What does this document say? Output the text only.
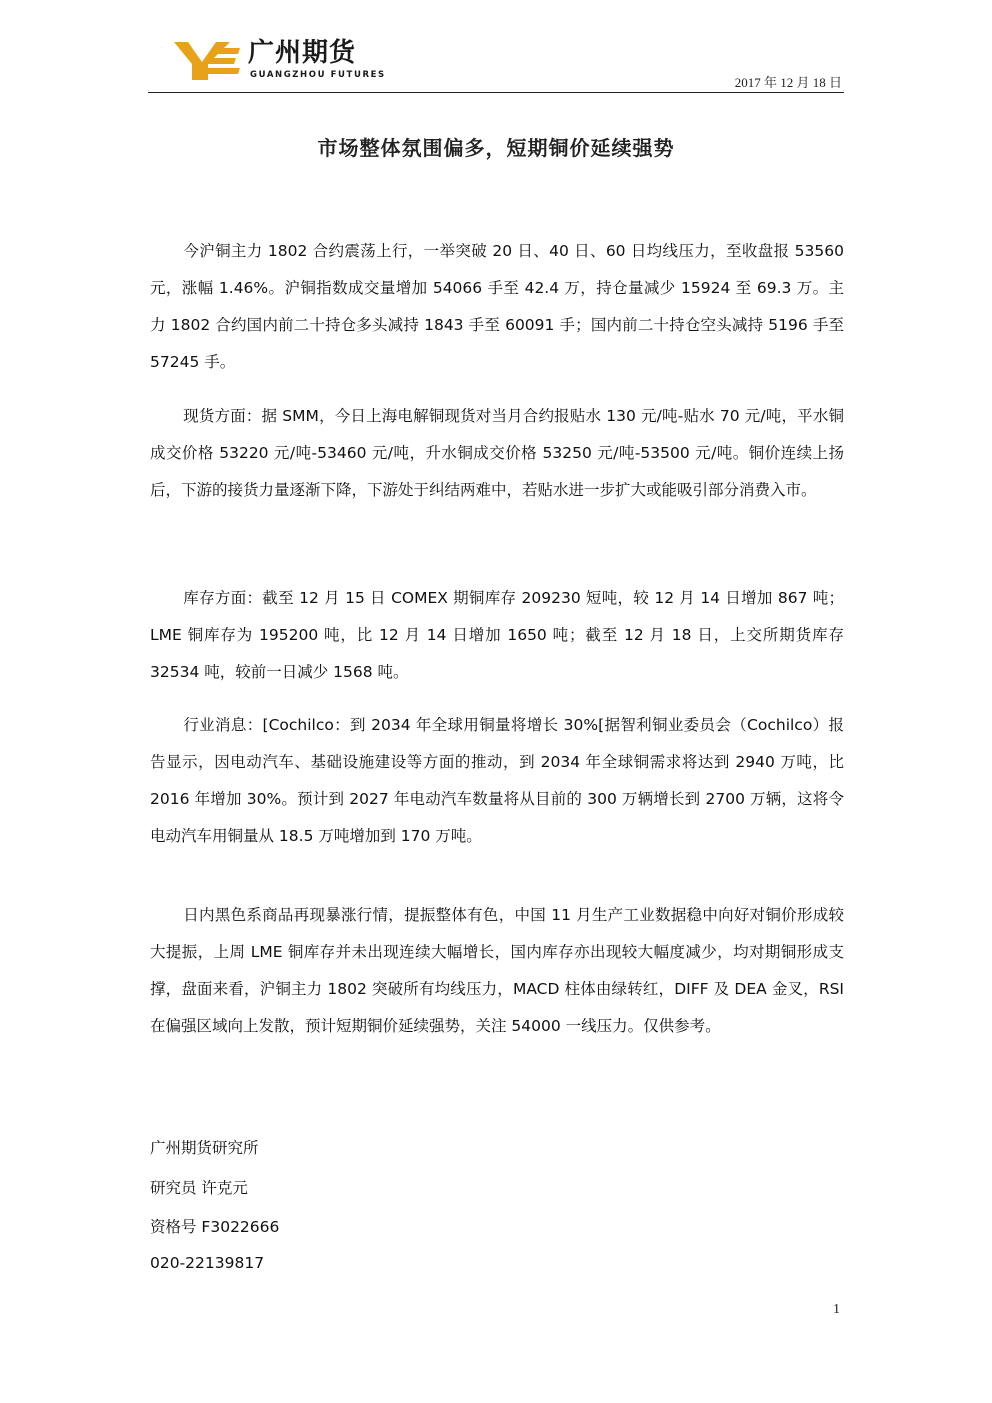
广州期货
GUANGZHOU FUTURES	2017 年 12 月 18 日
市场整体氛围偏多，短期铜价延续强势
今沪铜主力 1802 合约震荡上行，一举突破 20 日、40 日、60 日均线压力，至收盘报 53560 元，涨幅 1.46%。沪铜指数成交量增加 54066 手至 42.4 万，持仓量减少 15924 至 69.3 万。主力 1802 合约国内前二十持仓多头减持 1843 手至 60091 手；国内前二十持仓空头减持 5196 手至 57245 手。
现货方面：据 SMM，今日上海电解铜现货对当月合约报贴水 130 元/吨-贴水 70 元/吨，平水铜成交价格 53220 元/吨-53460 元/吨，升水铜成交价格 53250 元/吨-53500 元/吨。铜价连续上扬后，下游的接货力量逐渐下降，下游处于纠结两难中，若贴水进一步扩大或能吸引部分消费入市。
库存方面：截至 12 月 15 日 COMEX 期铜库存 209230 短吨，较 12 月 14 日增加 867 吨；LME 铜库存为 195200 吨，比 12 月 14 日增加 1650 吨；截至 12 月 18 日，上交所期货库存 32534 吨，较前一日减少 1568 吨。
行业消息：[Cochilco：到 2034 年全球用铜量将增长 30%[据智利铜业委员会（Cochilco）报告显示，因电动汽车、基础设施建设等方面的推动，到 2034 年全球铜需求将达到 2940 万吨，比 2016 年增加 30%。预计到 2027 年电动汽车数量将从目前的 300 万辆增长到 2700 万辆，这将令电动汽车用铜量从 18.5 万吨增加到 170 万吨。
日内黑色系商品再现暴涨行情，提振整体有色，中国 11 月生产工业数据稳中向好对铜价形成较大提振，上周 LME 铜库存并未出现连续大幅增长，国内库存亦出现较大幅度减少，均对期铜形成支撑，盘面来看，沪铜主力 1802 突破所有均线压力，MACD 柱体由绿转红，DIFF 及 DEA 金叉，RSI 在偏强区域向上发散，预计短期铜价延续强势，关注 54000 一线压力。仅供参考。
广州期货研究所
研究员 许克元
资格号 F3022666
020-22139817
1
